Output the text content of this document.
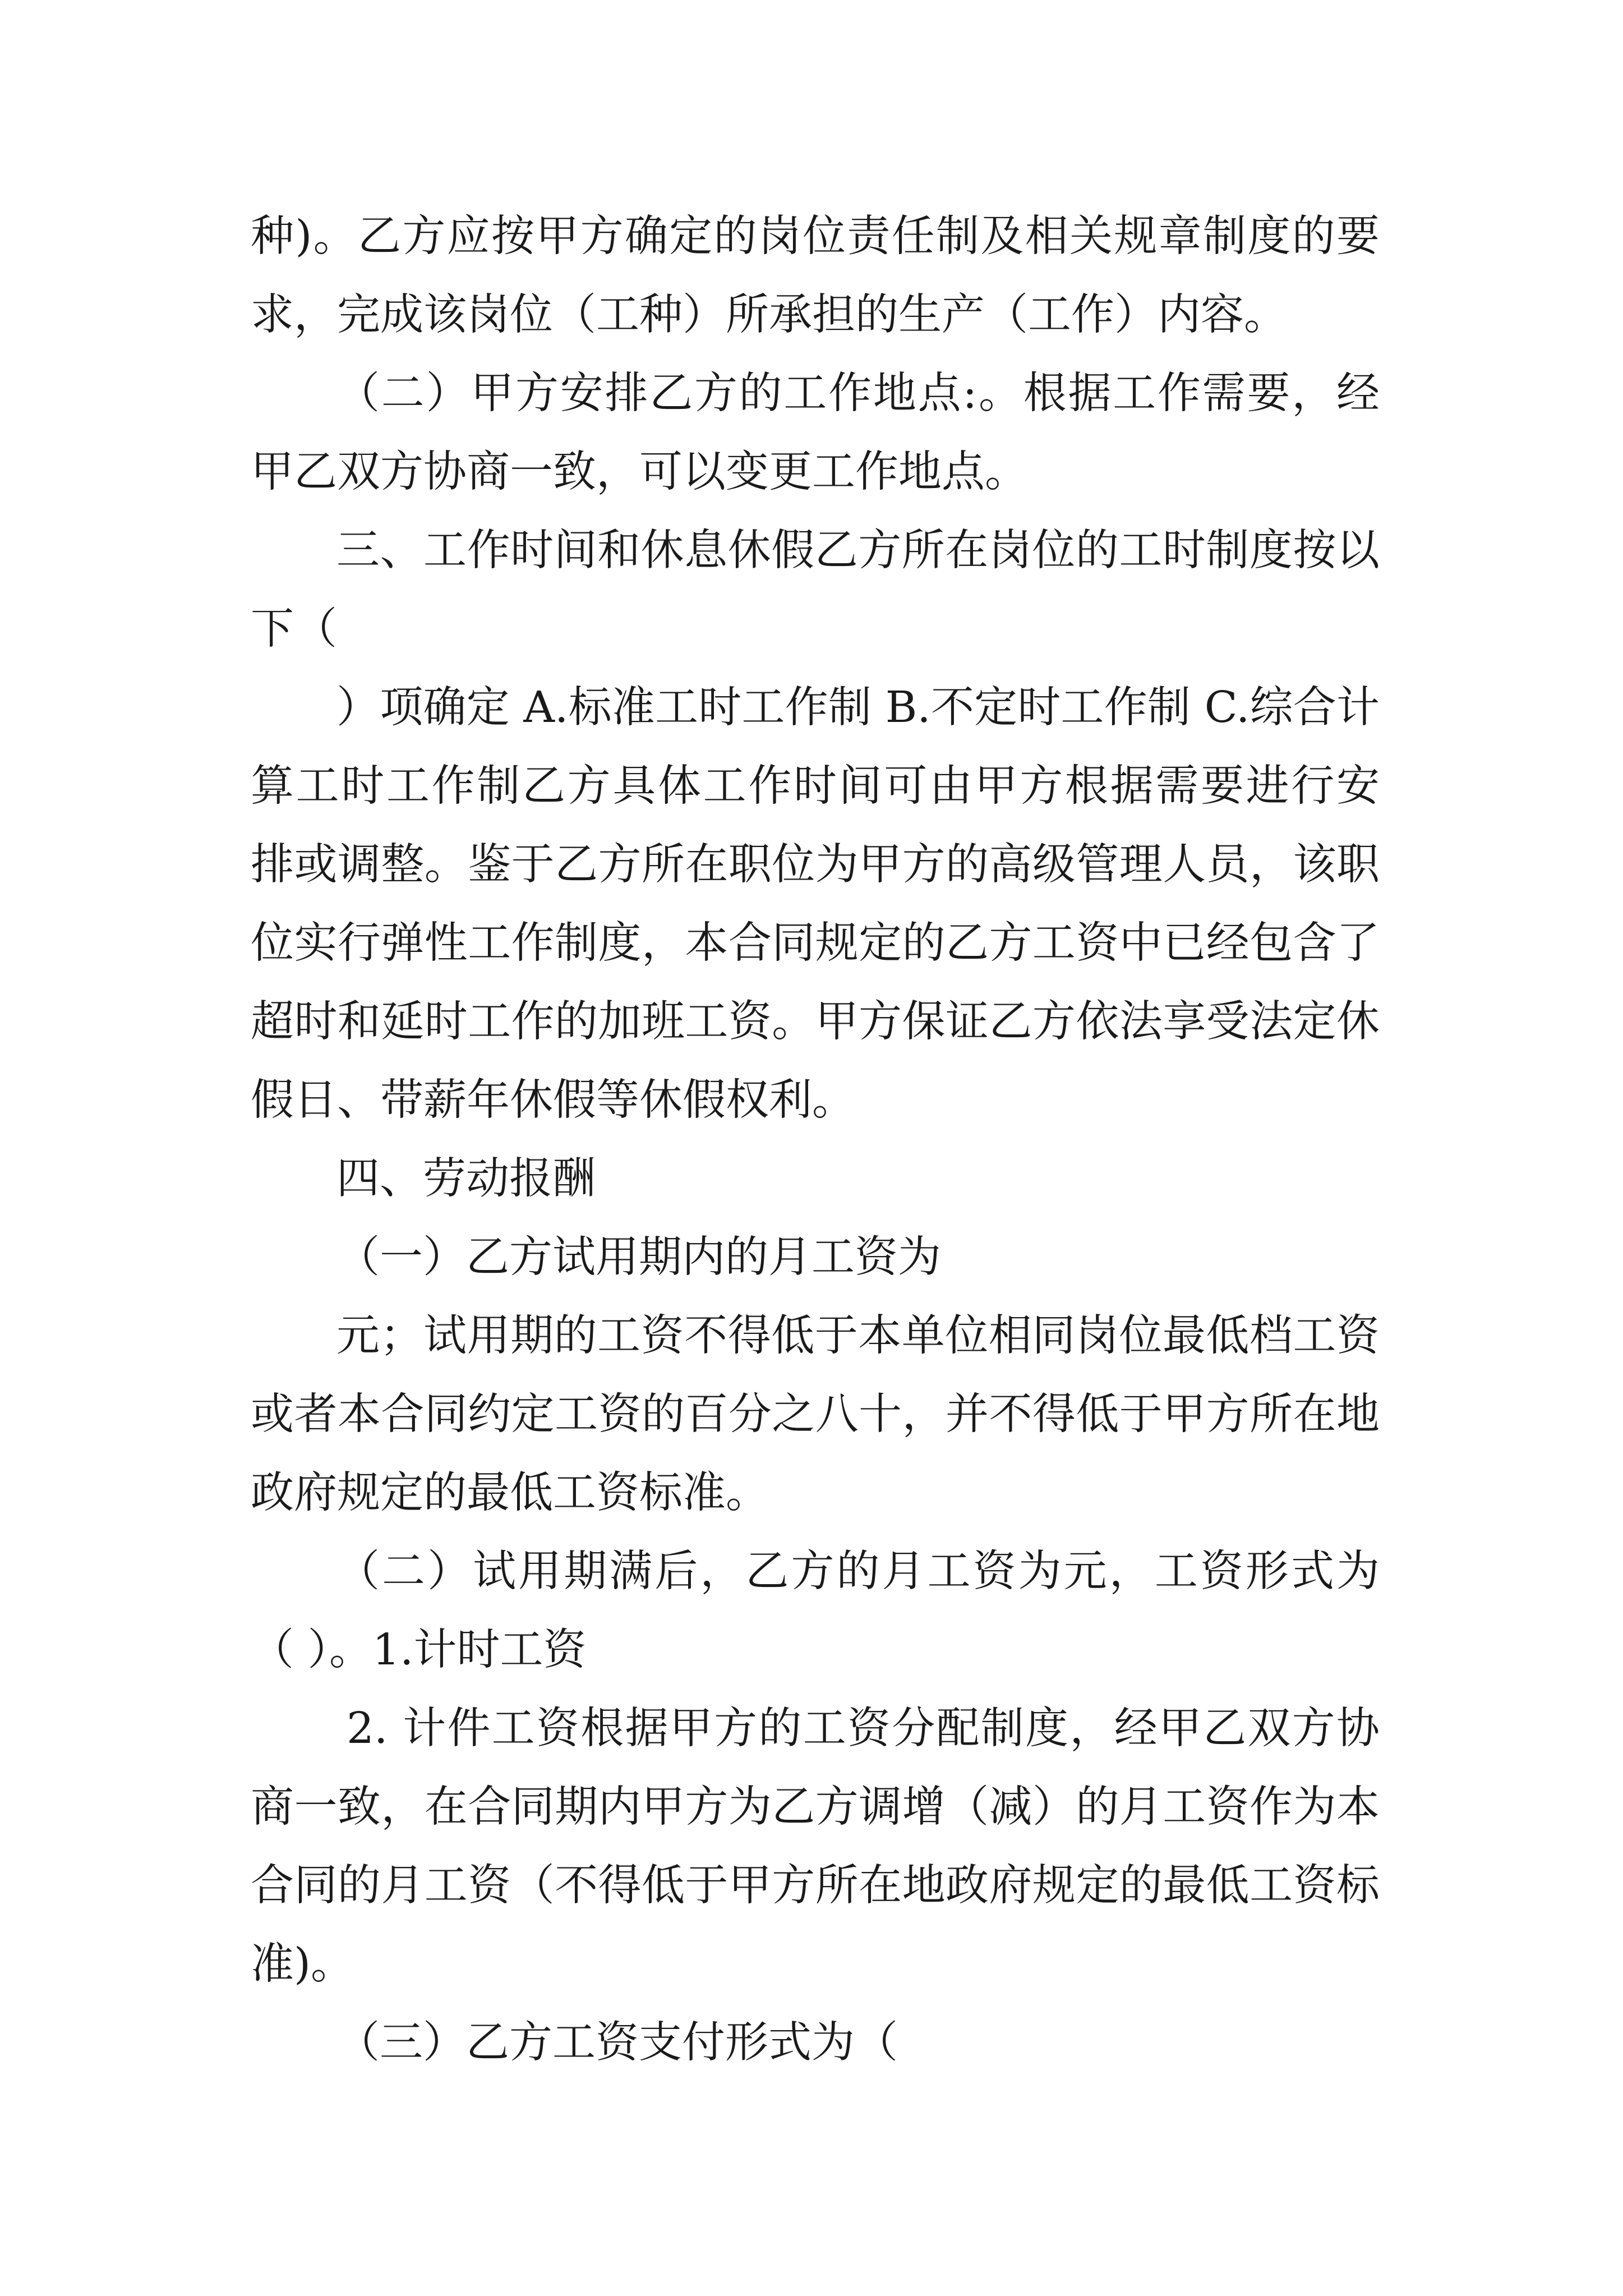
种)。乙方应按甲方确定的岗位责任制及相关规章制度的要

求，完成该岗位（工种）所承担的生产（工作）内容。

（二）甲方安排乙方的工作地点:。根据工作需要，经

甲乙双方协商一致，可以变更工作地点。

三、工作时间和休息休假乙方所在岗位的工时制度按以

下（

）项确定 A.标准工时工作制 B.不定时工作制 C.综合计

算工时工作制乙方具体工作时间可由甲方根据需要进行安

排或调整。鉴于乙方所在职位为甲方的高级管理人员，该职

位实行弹性工作制度，本合同规定的乙方工资中已经包含了

超时和延时工作的加班工资。甲方保证乙方依法享受法定休

假日、带薪年休假等休假权利。

四、劳动报酬

（一）乙方试用期内的月工资为

元；试用期的工资不得低于本单位相同岗位最低档工资

或者本合同约定工资的百分之八十，并不得低于甲方所在地

政府规定的最低工资标准。

（二）试用期满后，乙方的月工资为元，工资形式为

（ ）。1.计时工资

2. 计件工资根据甲方的工资分配制度，经甲乙双方协

商一致，在合同期内甲方为乙方调增（减）的月工资作为本

合同的月工资（不得低于甲方所在地政府规定的最低工资标

准)。

（三）乙方工资支付形式为（
